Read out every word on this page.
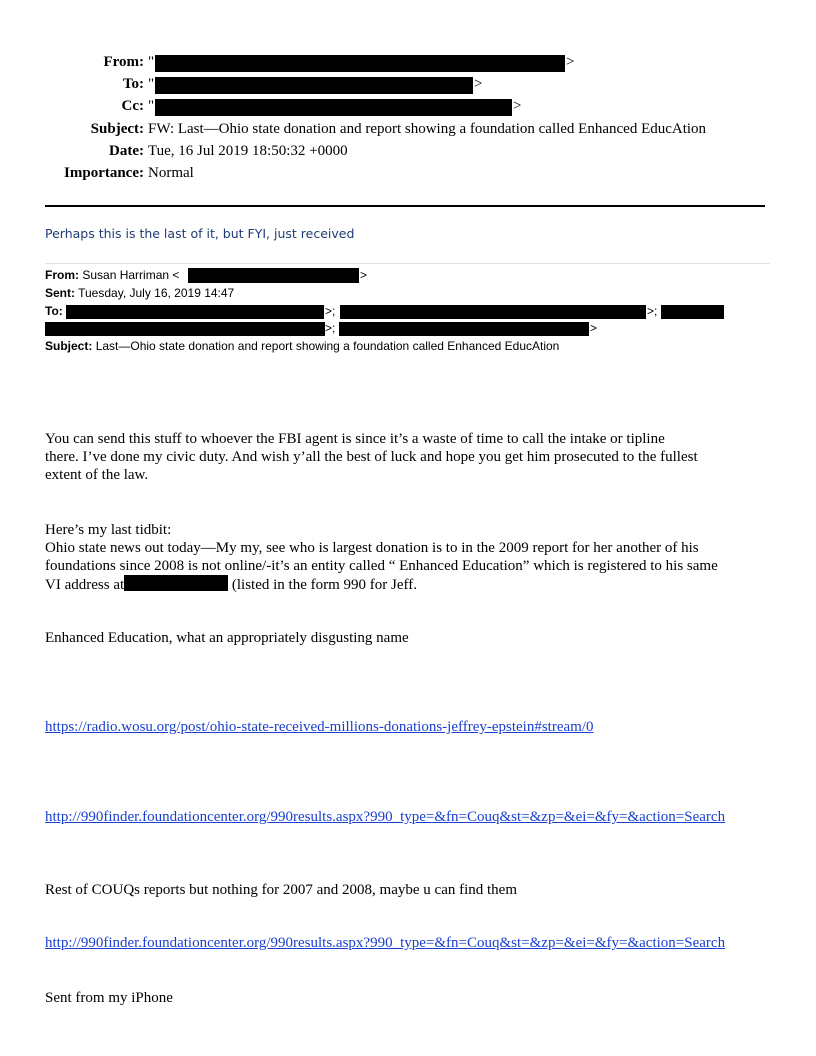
From: "	>
To: "	>
Cc: "	>
Subject: FW: Last—Ohio state donation and report showing a foundation called Enhanced EducAtion
Date: Tue, 16 Jul 2019 18:50:32 +0000
Importance: Normal
Perhaps this is the last of it, but FYI, just received
From: Susan Harriman <	>
Sent: Tuesday, July 16, 2019 14:47
To:	>;	>;
>;	>
Subject: Last—Ohio state donation and report showing a foundation called Enhanced EducAtion
You can send this stuff to whoever the FBI agent is since it’s a waste of time to call the intake or tipline
there. I’ve done my civic duty. And wish y’all the best of luck and hope you get him prosecuted to the fullest
extent of the law.
Here’s my last tidbit:
Ohio state news out today—My my, see who is largest donation is to in the 2009 report for her another of his
foundations since 2008 is not online/-it’s an entity called “ Enhanced Education” which is registered to his same
VI address at	(listed in the form 990 for Jeff.
Enhanced Education, what an appropriately disgusting name
https://radio.wosu.org/post/ohio-state-received-millions-donations-jeffrey-epstein#stream/0
http://990finder.foundationcenter.org/990results.aspx?990_type=&fn=Couq&st=&zp=&ei=&fy=&action=Search
Rest of COUQs reports but nothing for 2007 and 2008, maybe u can find them
http://990finder.foundationcenter.org/990results.aspx?990_type=&fn=Couq&st=&zp=&ei=&fy=&action=Search
Sent from my iPhone
